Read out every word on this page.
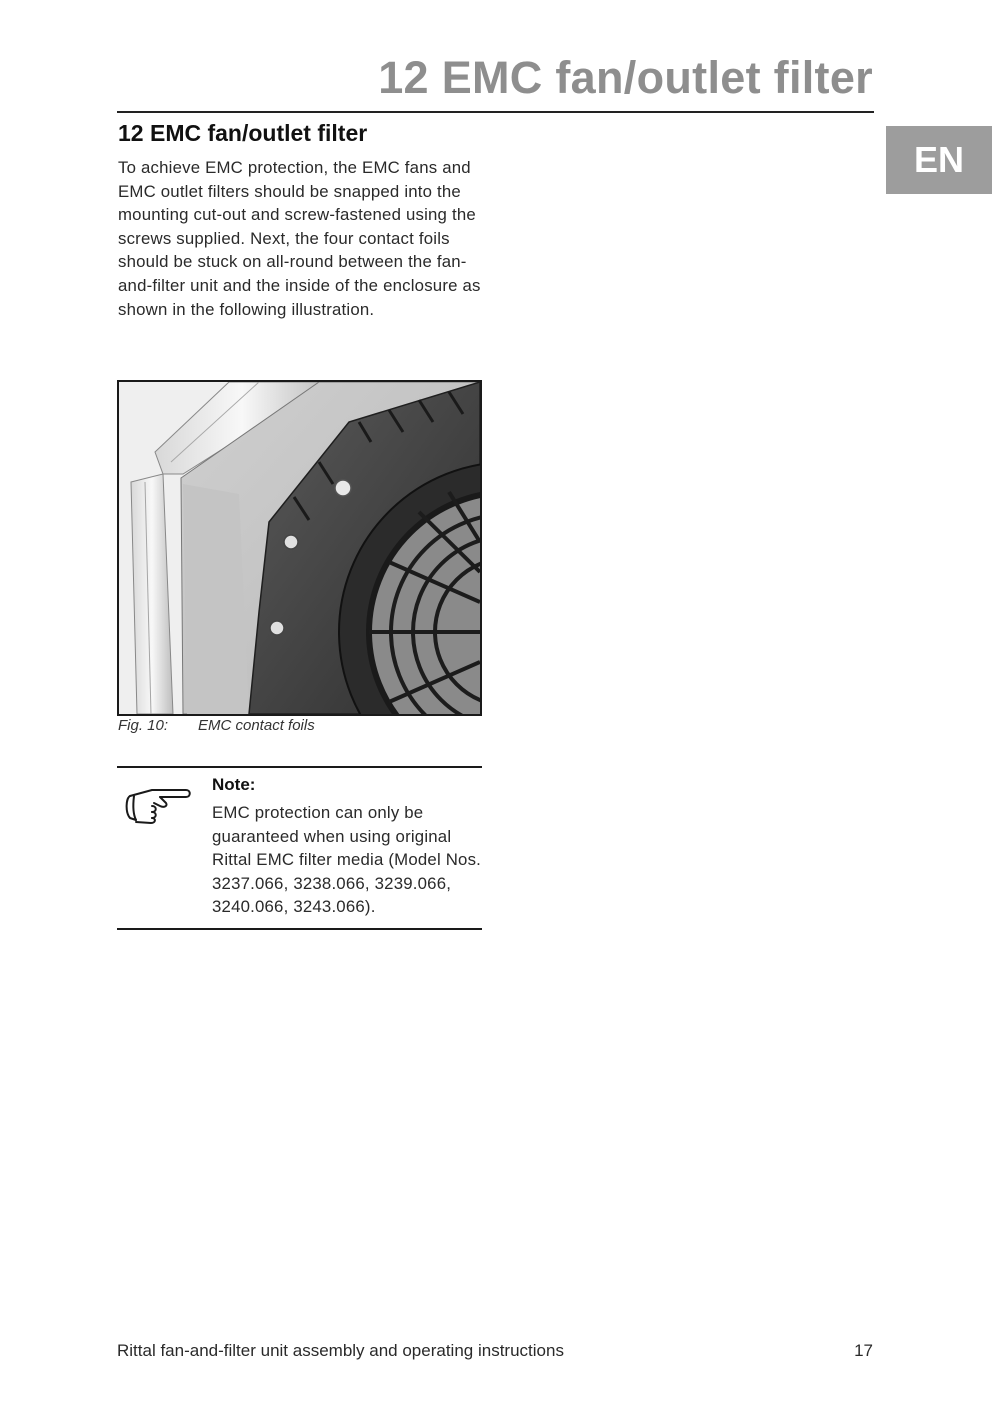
12 EMC fan/outlet filter
EN
12 EMC fan/outlet filter

To achieve EMC protection, the EMC fans and EMC outlet filters should be snapped into the mounting cut-out and screw-fastened using the screws supplied. Next, the four contact foils should be stuck on all-round between the fan-and-filter unit and the inside of the enclosure as shown in the following illustration.

Fig. 10: EMC contact foils
Note:

EMC protection can only be guaranteed when using original Rittal EMC filter media (Model Nos. 3237.066, 3238.066, 3239.066, 3240.066, 3243.066).

Rittal fan-and-filter unit assembly and operating instructions	17
